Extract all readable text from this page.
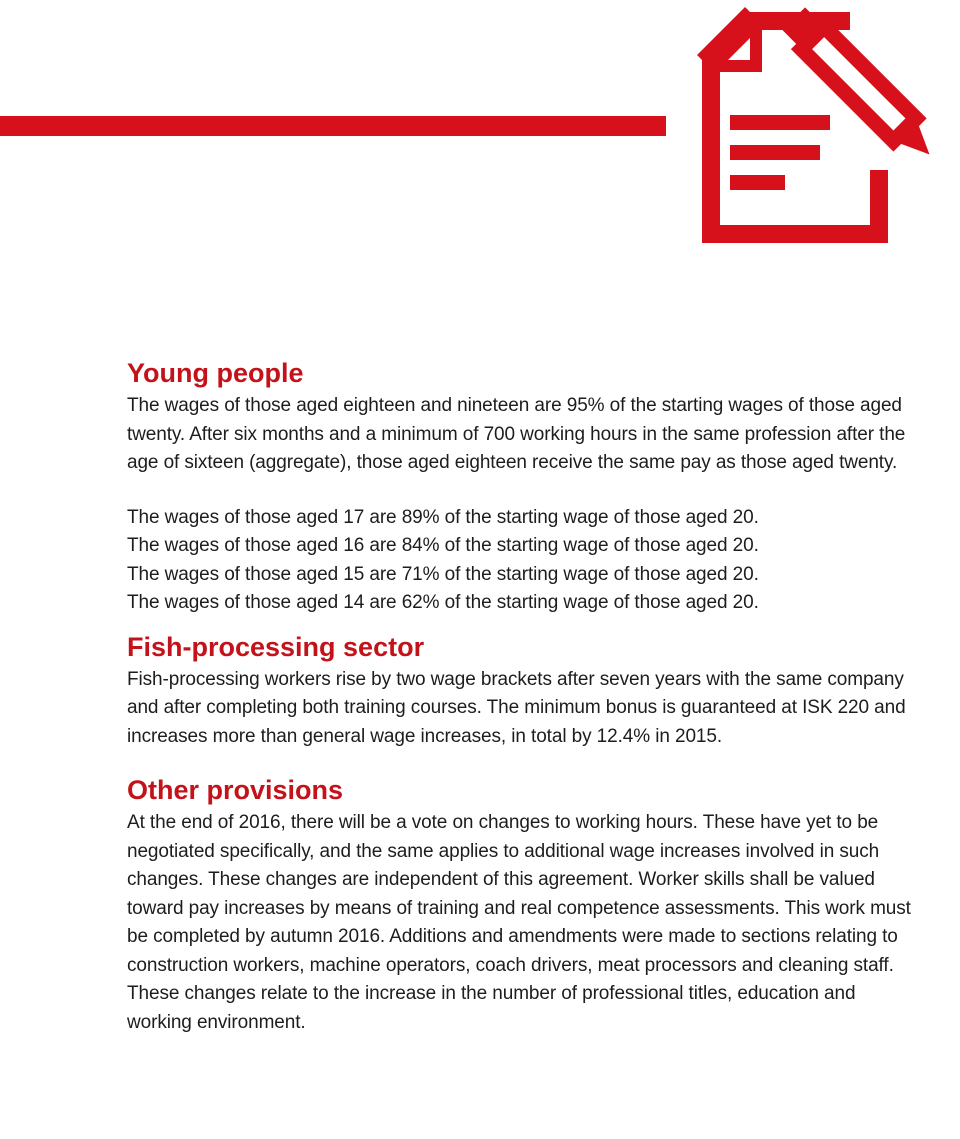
Young people

The wages of those aged eighteen and nineteen are 95% of the starting wages of those aged twenty. After six months and a minimum of 700 working hours in the same profession after the age of sixteen (aggregate), those aged eighteen receive the same pay as those aged twenty.

The wages of those aged 17 are 89% of the starting wage of those aged 20.
The wages of those aged 16 are 84% of the starting wage of those aged 20.
The wages of those aged 15 are 71% of the starting wage of those aged 20.
The wages of those aged 14 are 62% of the starting wage of those aged 20.

Fish-processing sector

Fish-processing workers rise by two wage brackets after seven years with the same company and after completing both training courses. The minimum bonus is guaranteed at ISK 220 and increases more than general wage increases, in total by 12.4% in 2015.

Other provisions

At the end of 2016, there will be a vote on changes to working hours. These have yet to be negotiated specifically, and the same applies to additional wage increases involved in such changes. These changes are independent of this agreement. Worker skills shall be valued toward pay increases by means of training and real competence assessments. This work must be completed by autumn 2016. Additions and amendments were made to sections relating to construction workers, machine operators, coach drivers, meat processors and cleaning staff. These changes relate to the increase in the number of professional titles, education and working environment.
